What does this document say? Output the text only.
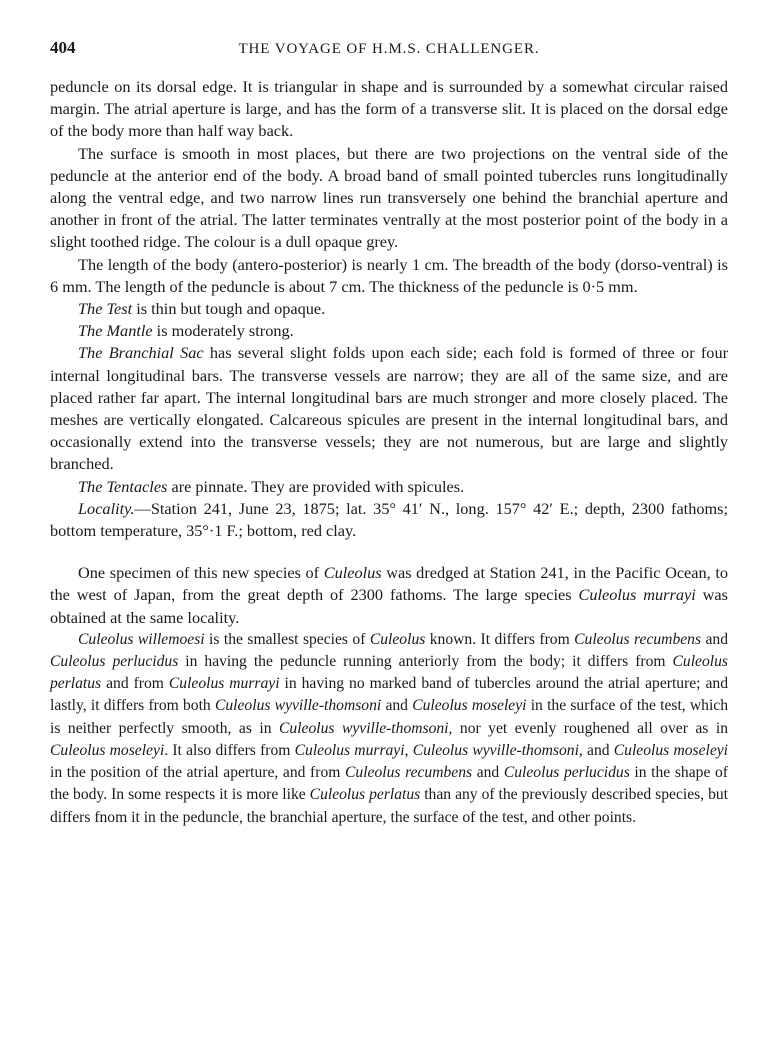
404	THE VOYAGE OF H.M.S. CHALLENGER.

peduncle on its dorsal edge. It is triangular in shape and is surrounded by a somewhat circular raised margin. The atrial aperture is large, and has the form of a transverse slit. It is placed on the dorsal edge of the body more than half way back.

The surface is smooth in most places, but there are two projections on the ventral side of the peduncle at the anterior end of the body. A broad band of small pointed tubercles runs longitudinally along the ventral edge, and two narrow lines run transversely one behind the branchial aperture and another in front of the atrial. The latter terminates ventrally at the most posterior point of the body in a slight toothed ridge. The colour is a dull opaque grey.

The length of the body (antero-posterior) is nearly 1 cm. The breadth of the body (dorso-ventral) is 6 mm. The length of the peduncle is about 7 cm. The thickness of the peduncle is 0·5 mm.

The Test is thin but tough and opaque.

The Mantle is moderately strong.

The Branchial Sac has several slight folds upon each side; each fold is formed of three or four internal longitudinal bars. The transverse vessels are narrow; they are all of the same size, and are placed rather far apart. The internal longitudinal bars are much stronger and more closely placed. The meshes are vertically elongated. Calcareous spicules are present in the internal longitudinal bars, and occasionally extend into the transverse vessels; they are not numerous, but are large and slightly branched.

The Tentacles are pinnate. They are provided with spicules.

Locality.—Station 241, June 23, 1875; lat. 35° 41′ N., long. 157° 42′ E.; depth, 2300 fathoms; bottom temperature, 35°·1 F.; bottom, red clay.

One specimen of this new species of Culeolus was dredged at Station 241, in the Pacific Ocean, to the west of Japan, from the great depth of 2300 fathoms. The large species Culeolus murrayi was obtained at the same locality.

Culeolus willemoesi is the smallest species of Culeolus known. It differs from Culeolus recumbens and Culeolus perlucidus in having the peduncle running anteriorly from the body; it differs from Culeolus perlatus and from Culeolus murrayi in having no marked band of tubercles around the atrial aperture; and lastly, it differs from both Culeolus wyville-thomsoni and Culeolus moseleyi in the surface of the test, which is neither perfectly smooth, as in Culeolus wyville-thomsoni, nor yet evenly roughened all over as in Culeolus moseleyi. It also differs from Culeolus murrayi, Culeolus wyville-thomsoni, and Culeolus moseleyi in the position of the atrial aperture, and from Culeolus recumbens and Culeolus perlucidus in the shape of the body. In some respects it is more like Culeolus perlatus than any of the previously described species, but differs fnom it in the peduncle, the branchial aperture, the surface of the test, and other points.
